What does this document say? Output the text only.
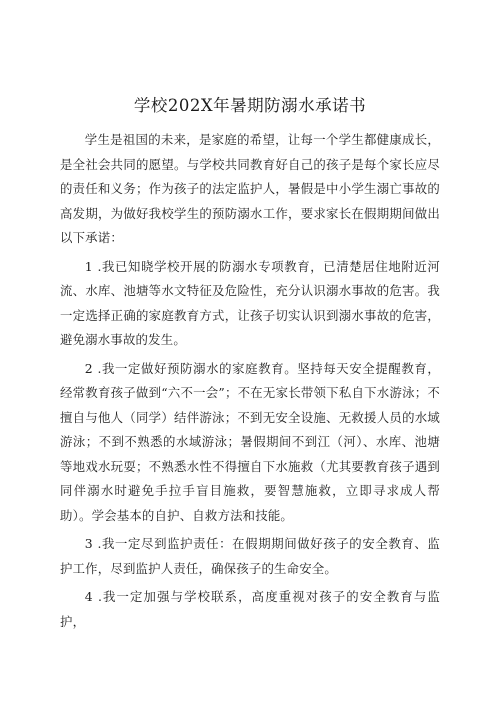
学校202X年暑期防溺水承诺书

学生是祖国的未来，是家庭的希望，让每一个学生都健康成长，是全社会共同的愿望。与学校共同教育好自己的孩子是每个家长应尽的责任和义务；作为孩子的法定监护人，暑假是中小学生溺亡事故的高发期，为做好我校学生的预防溺水工作，要求家长在假期期间做出以下承诺：

1 .我已知晓学校开展的防溺水专项教育，已清楚居住地附近河流、水库、池塘等水文特征及危险性，充分认识溺水事故的危害。我一定选择正确的家庭教育方式，让孩子切实认识到溺水事故的危害，避免溺水事故的发生。

2 .我一定做好预防溺水的家庭教育。坚持每天安全提醒教育，经常教育孩子做到“六不一会”；不在无家长带领下私自下水游泳；不擅自与他人（同学）结伴游泳；不到无安全设施、无救援人员的水域游泳；不到不熟悉的水域游泳；暑假期间不到江（河）、水库、池塘等地戏水玩耍；不熟悉水性不得擅自下水施救（尤其要教育孩子遇到同伴溺水时避免手拉手盲目施救，要智慧施救，立即寻求成人帮助）。学会基本的自护、自救方法和技能。

3 .我一定尽到监护责任：在假期期间做好孩子的安全教育、监护工作，尽到监护人责任，确保孩子的生命安全。

4 .我一定加强与学校联系，高度重视对孩子的安全教育与监护，
